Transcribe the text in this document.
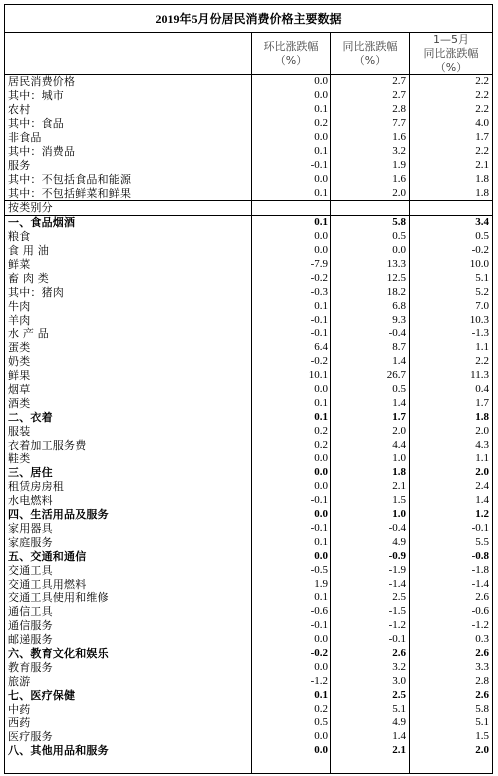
2019年5月份居民消费价格主要数据
环比涨跌幅
（%）
同比涨跌幅
（%）
1—5月
同比涨跌幅
（%）
居民消费价格	0.0	2.7	2.2
其中：城市	0.0	2.7	2.2
农村	0.1	2.8	2.2
其中：食品	0.2	7.7	4.0
非食品	0.0	1.6	1.7
其中：消费品	0.1	3.2	2.2
服务	-0.1	1.9	2.1
其中：不包括食品和能源	0.0	1.6	1.8
其中：不包括鲜菜和鲜果	0.1	2.0	1.8
按类别分			
一、食品烟酒	0.1	5.8	3.4
粮食	0.0	0.5	0.5
食 用 油	0.0	0.0	-0.2
鲜菜	-7.9	13.3	10.0
畜 肉 类	-0.2	12.5	5.1
其中：猪肉	-0.3	18.2	5.2
牛肉	0.1	6.8	7.0
羊肉	-0.1	9.3	10.3
水 产 品	-0.1	-0.4	-1.3
蛋类	6.4	8.7	1.1
奶类	-0.2	1.4	2.2
鲜果	10.1	26.7	11.3
烟草	0.0	0.5	0.4
酒类	0.1	1.4	1.7
二、衣着	0.1	1.7	1.8
服装	0.2	2.0	2.0
衣着加工服务费	0.2	4.4	4.3
鞋类	0.0	1.0	1.1
三、居住	0.0	1.8	2.0
租赁房房租	0.0	2.1	2.4
水电燃料	-0.1	1.5	1.4
四、生活用品及服务	0.0	1.0	1.2
家用器具	-0.1	-0.4	-0.1
家庭服务	0.1	4.9	5.5
五、交通和通信	0.0	-0.9	-0.8
交通工具	-0.5	-1.9	-1.8
交通工具用燃料	1.9	-1.4	-1.4
交通工具使用和维修	0.1	2.5	2.6
通信工具	-0.6	-1.5	-0.6
通信服务	-0.1	-1.2	-1.2
邮递服务	0.0	-0.1	0.3
六、教育文化和娱乐	-0.2	2.6	2.6
教育服务	0.0	3.2	3.3
旅游	-1.2	3.0	2.8
七、医疗保健	0.1	2.5	2.6
中药	0.2	5.1	5.8
西药	0.5	4.9	5.1
医疗服务	0.0	1.4	1.5
八、其他用品和服务	0.0	2.1	2.0
